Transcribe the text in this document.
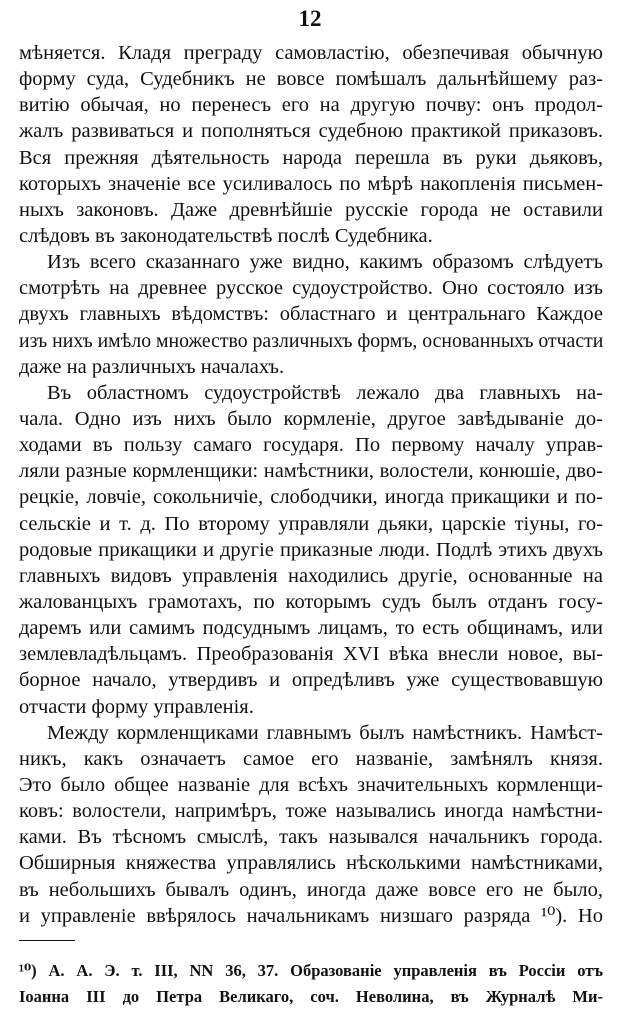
12
мѣняется. Кладя преграду самовластію, обезпечивая обычную
форму суда, Судебникъ не вовсе помѣшалъ дальнѣйшему раз-
витію обычая, но перенесъ его на другую почву: онъ продол-
жалъ развиваться и пополняться судебною практикой приказовъ.
Вся прежняя дѣятельность народа перешла въ руки дьяковъ,
которыхъ значеніе все усиливалось по мѣрѣ накопленія письмен-
ныхъ законовъ. Даже древнѣйшіе русскіе города не оставили
слѣдовъ въ законодательствѣ послѣ Судебника.
Изъ всего сказаннаго уже видно, какимъ образомъ слѣдуетъ
смотрѣть на древнее русское судоустройство. Оно состояло изъ
двухъ главныхъ вѣдомствъ: областнаго и центральнаго Каждое
изъ нихъ имѣло множество различныхъ формъ, основанныхъ отчасти
даже на различныхъ началахъ.
Въ областномъ судоустройствѣ лежало два главныхъ на-
чала. Одно изъ нихъ было кормленіе, другое завѣдываніе до-
ходами въ пользу самаго государя. По первому началу управ-
ляли разные кормленщики: намѣстники, волостели, конюшіе, дво-
рецкіе, ловчіе, сокольничіе, слободчики, иногда прикащики и по-
сельскіе и т. д. По второму управляли дьяки, царскіе тіуны, го-
родовые прикащики и другіе приказные люди. Подлѣ этихъ двухъ
главныхъ видовъ управленія находились другіе, основанные на
жалованцыхъ грамотахъ, по которымъ судъ былъ отданъ госу-
даремъ или самимъ подсуднымъ лицамъ, то есть общинамъ, или
землевладѣльцамъ. Преобразованія XVI вѣка внесли новое, вы-
борное начало, утвердивъ и опредѣливъ уже существовавшую
отчасти форму управленія.
Между кормленщиками главнымъ былъ намѣстникъ. Намѣст-
никъ, какъ означаетъ самое его названіе, замѣнялъ князя.
Это было общее названіе для всѣхъ значительныхъ кормленщи-
ковъ: волостели, напримѣръ, тоже назывались иногда намѣстни-
ками. Въ тѣсномъ смыслѣ, такъ назывался начальникъ города.
Обширныя княжества управлялись нѣсколькими намѣстниками,
въ небольшихъ бывалъ одинъ, иногда даже вовсе его не было,
и управленіе ввѣрялось начальникамъ низшаго разряда ¹⁰). Но
¹⁰) А. А. Э. т. III, NN 36, 37. Образованіе управленія въ Россіи отъ
Іоанна III до Петра Великаго, соч. Неволина, въ Журналѣ Ми-
